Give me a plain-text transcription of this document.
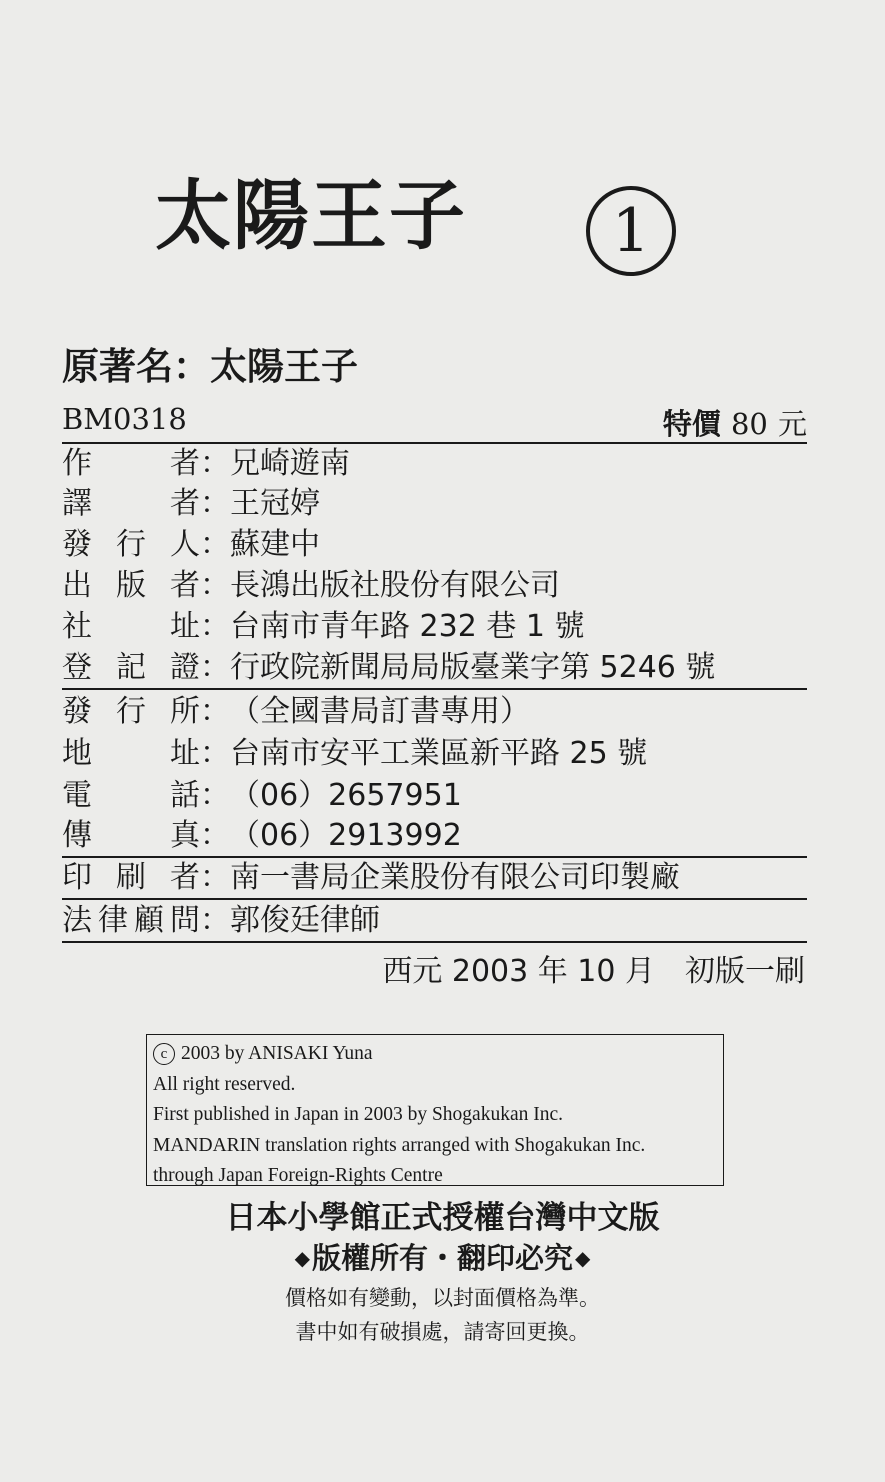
太陽王子	1
原著名：太陽王子
BM0318	特價 80 元
作者 ： 兄崎遊南
譯者 ： 王冠婷
發行人 ： 蘇建中
出版者 ： 長鴻出版社股份有限公司
社址 ： 台南市青年路 232 巷 1 號
登記證 ： 行政院新聞局局版臺業字第 5246 號
發行所 ： （全國書局訂書專用）
地址 ： 台南市安平工業區新平路 25 號
電話 ： （06）2657951
傳真 ： （06）2913992
印刷者 ： 南一書局企業股份有限公司印製廠
法律顧問 ： 郭俊廷律師
西元 2003 年 10 月　初版一刷
c 2003 by ANISAKI Yuna
All right reserved.
First published in Japan in 2003 by Shogakukan Inc.
MANDARIN translation rights arranged with Shogakukan Inc.
through Japan Foreign-Rights Centre
日本小學館正式授權台灣中文版
◆版權所有・翻印必究 ◆
價格如有變動，以封面價格為準。
書中如有破損處，請寄回更換。
